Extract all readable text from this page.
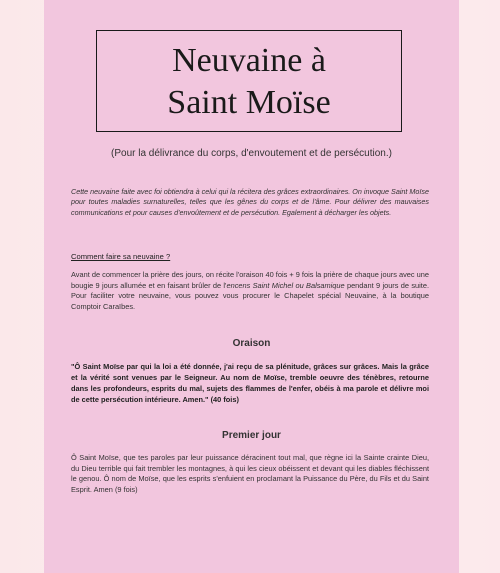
Neuvaine à
Saint Moïse
(Pour la délivrance du corps, d'envoutement et de persécution.)

Cette neuvaine faite avec foi obtiendra à celui qui la récitera des grâces extraordinaires. On invoque Saint Moïse pour toutes maladies surnaturelles, telles que les gênes du corps et de l'âme. Pour délivrer des mauvaises communications et pour causes d'envoûtement et de persécution. Egalement à décharger les objets.

Comment faire sa neuvaine ?

Avant de commencer la prière des jours, on récite l'oraison 40 fois + 9 fois la prière de chaque jours avec une bougie 9 jours allumée et en faisant brûler de l'encens Saint Michel ou Balsamique pendant 9 jours de suite. Pour faciliter votre neuvaine, vous pouvez vous procurer le Chapelet spécial Neuvaine, à la boutique Comptoir Caraïbes.

Oraison

"Ô Saint Moïse par qui la loi a été donnée, j'ai reçu de sa plénitude, grâces sur grâces. Mais la grâce et la vérité sont venues par le Seigneur. Au nom de Moïse, tremble oeuvre des ténèbres, retourne dans les profondeurs, esprits du mal, sujets des flammes de l'enfer, obéis à ma parole et délivre moi de cette persécution intérieure. Amen." (40 fois)

Premier jour

Ô Saint Moïse, que tes paroles par leur puissance déracinent tout mal, que règne ici la Sainte crainte Dieu, du Dieu terrible qui fait trembler les montagnes, à qui les cieux obéissent et devant qui les diables fléchissent le genou. Ô nom de Moïse, que les esprits s'enfuient en proclamant la Puissance du Père, du Fils et du Saint Esprit. Amen (9 fois)
